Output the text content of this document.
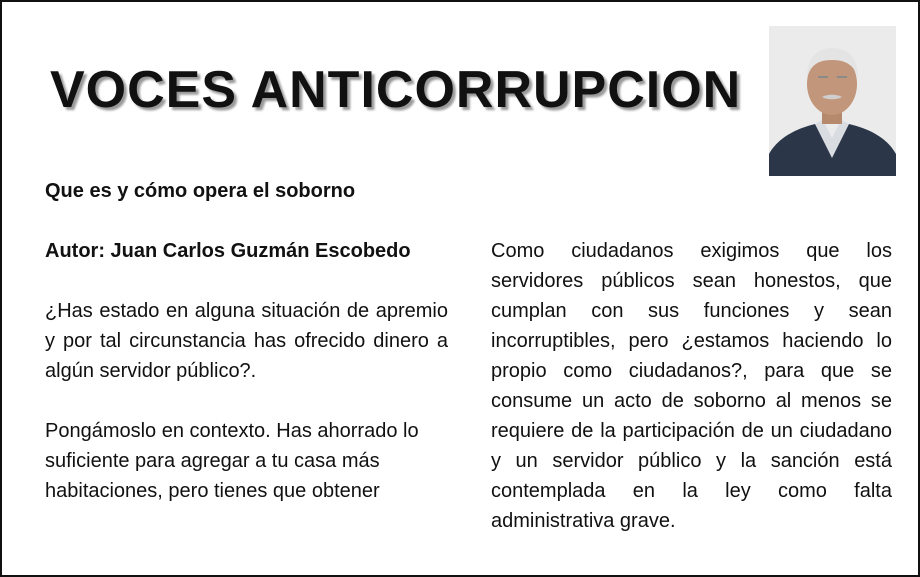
VOCES ANTICORRUPCION
Que es y cómo opera el soborno
Autor: Juan Carlos Guzmán Escobedo
¿Has estado en alguna situación de apremio y por tal circunstancia has ofrecido dinero a algún servidor público?.
Pongámoslo en contexto. Has ahorrado lo suficiente para agregar a tu casa más habitaciones, pero tienes que obtener
Como ciudadanos exigimos que los servidores públicos sean honestos, que cumplan con sus funciones y sean incorruptibles, pero ¿estamos haciendo lo propio como ciudadanos?, para que se consume un acto de soborno al menos se requiere de la participación de un ciudadano y un servidor público y la sanción está contemplada en la ley como falta administrativa grave.
